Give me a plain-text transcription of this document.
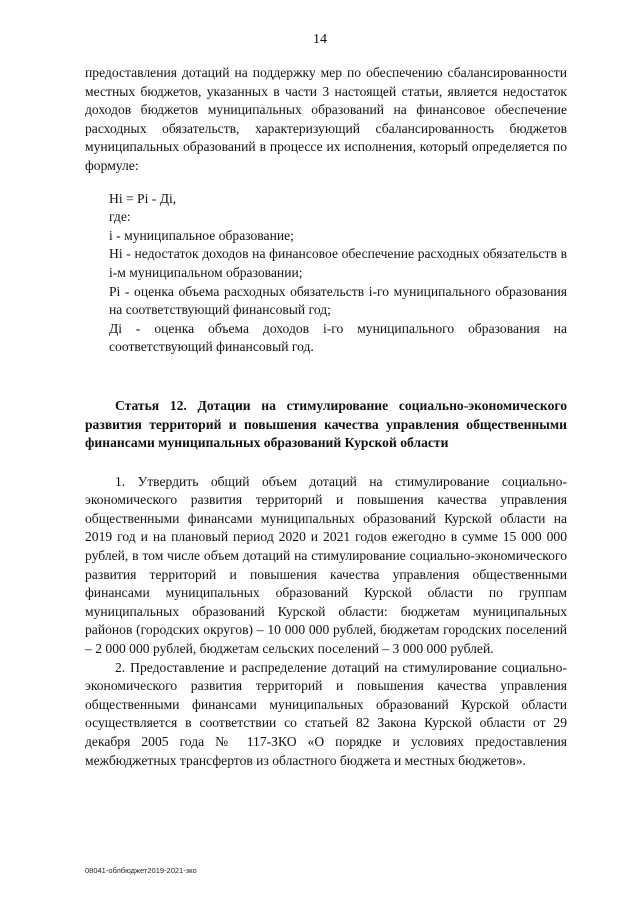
14

предоставления дотаций на поддержку мер по обеспечению сбалансированности местных бюджетов, указанных в части 3 настоящей статьи, является недостаток доходов бюджетов муниципальных образований на финансовое обеспечение расходных обязательств, характеризующий сбалансированность бюджетов муниципальных образований в процессе их исполнения, который определяется по формуле:

Hi = Pi - Дi,

где:

i - муниципальное образование;

Hi - недостаток доходов на финансовое обеспечение расходных обязательств в i-м муниципальном образовании;

Pi - оценка объема расходных обязательств i-го муниципального образования на соответствующий финансовый год;

Дi - оценка объема доходов i-го муниципального образования на соответствующий финансовый год.

Статья 12. Дотации на стимулирование социально-экономического развития территорий и повышения качества управления общественными финансами муниципальных образований Курской области

1. Утвердить общий объем дотаций на стимулирование социально-экономического развития территорий и повышения качества управления общественными финансами муниципальных образований Курской области на 2019 год и на плановый период 2020 и 2021 годов ежегодно в сумме 15 000 000 рублей, в том числе объем дотаций на стимулирование социально-экономического развития территорий и повышения качества управления общественными финансами муниципальных образований Курской области по группам муниципальных образований Курской области: бюджетам муниципальных районов (городских округов) – 10 000 000 рублей, бюджетам городских поселений – 2 000 000 рублей, бюджетам сельских поселений – 3 000 000 рублей.

2. Предоставление и распределение дотаций на стимулирование социально-экономического развития территорий и повышения качества управления общественными финансами муниципальных образований Курской области осуществляется в соответствии со статьей 82 Закона Курской области от 29 декабря 2005 года № 117-ЗКО «О порядке и условиях предоставления межбюджетных трансфертов из областного бюджета и местных бюджетов».

08041-облбюджет2019-2021-зко
